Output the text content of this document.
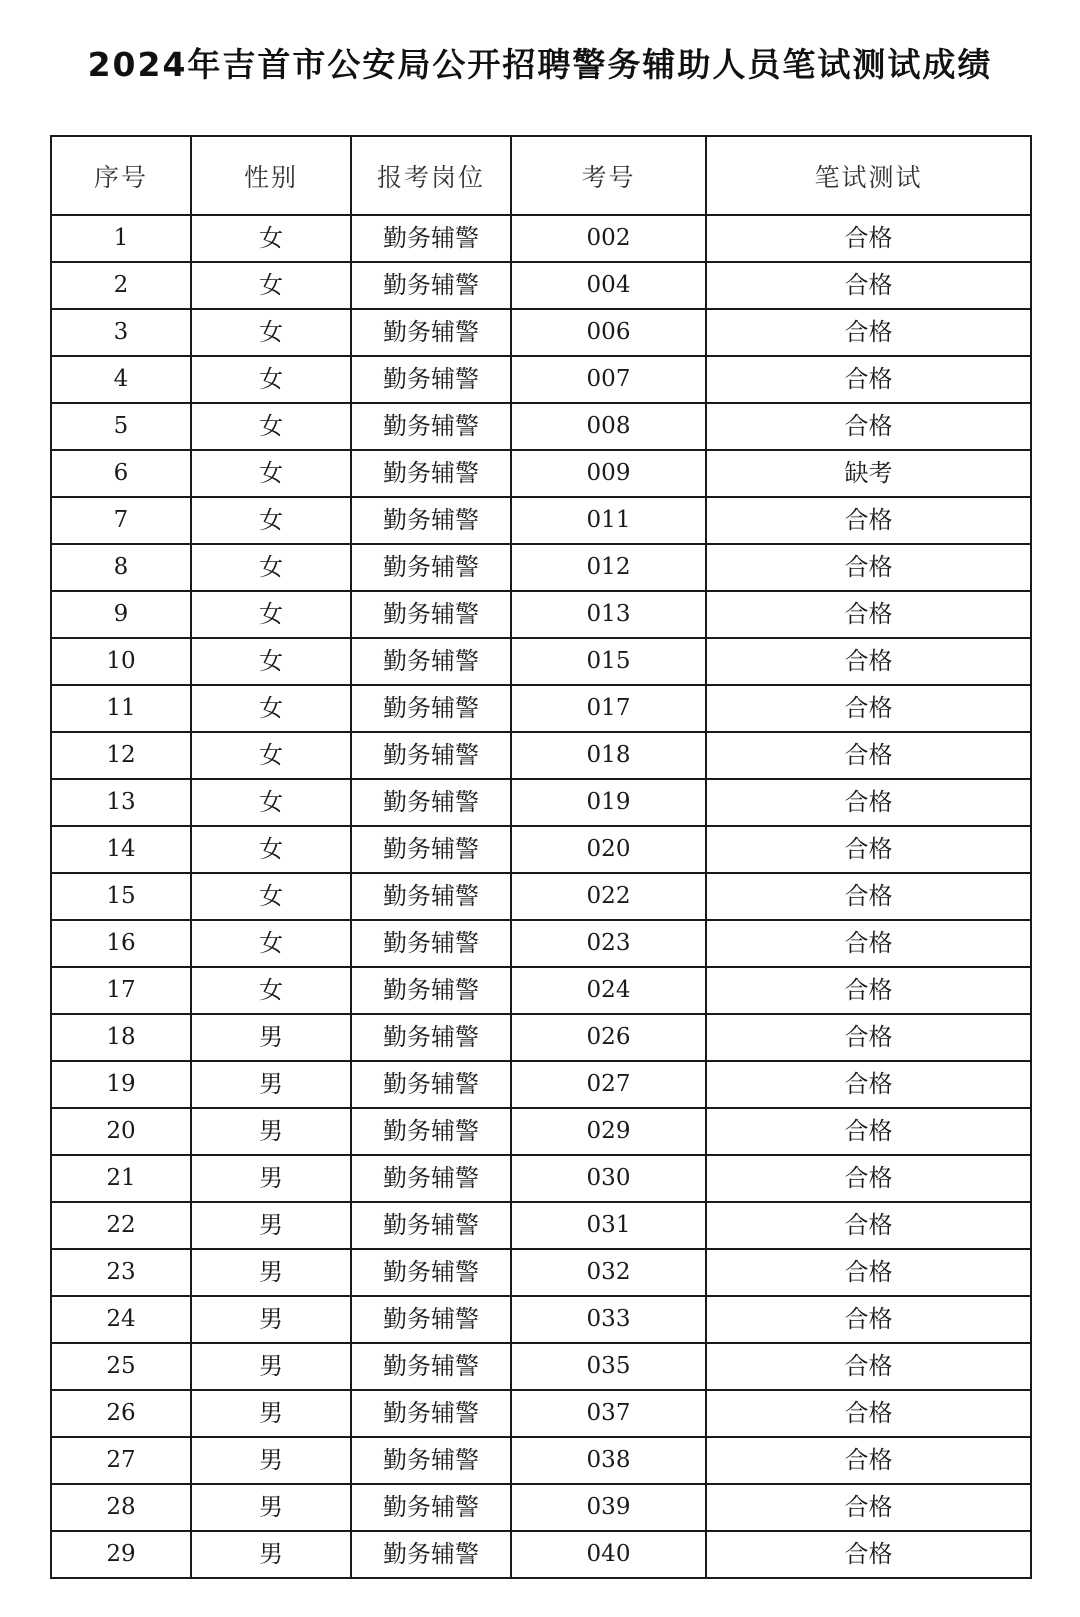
2024年吉首市公安局公开招聘警务辅助人员笔试测试成绩
序号	性别	报考岗位	考号	笔试测试
1	女	勤务辅警	002	合格
2	女	勤务辅警	004	合格
3	女	勤务辅警	006	合格
4	女	勤务辅警	007	合格
5	女	勤务辅警	008	合格
6	女	勤务辅警	009	缺考
7	女	勤务辅警	011	合格
8	女	勤务辅警	012	合格
9	女	勤务辅警	013	合格
10	女	勤务辅警	015	合格
11	女	勤务辅警	017	合格
12	女	勤务辅警	018	合格
13	女	勤务辅警	019	合格
14	女	勤务辅警	020	合格
15	女	勤务辅警	022	合格
16	女	勤务辅警	023	合格
17	女	勤务辅警	024	合格
18	男	勤务辅警	026	合格
19	男	勤务辅警	027	合格
20	男	勤务辅警	029	合格
21	男	勤务辅警	030	合格
22	男	勤务辅警	031	合格
23	男	勤务辅警	032	合格
24	男	勤务辅警	033	合格
25	男	勤务辅警	035	合格
26	男	勤务辅警	037	合格
27	男	勤务辅警	038	合格
28	男	勤务辅警	039	合格
29	男	勤务辅警	040	合格
